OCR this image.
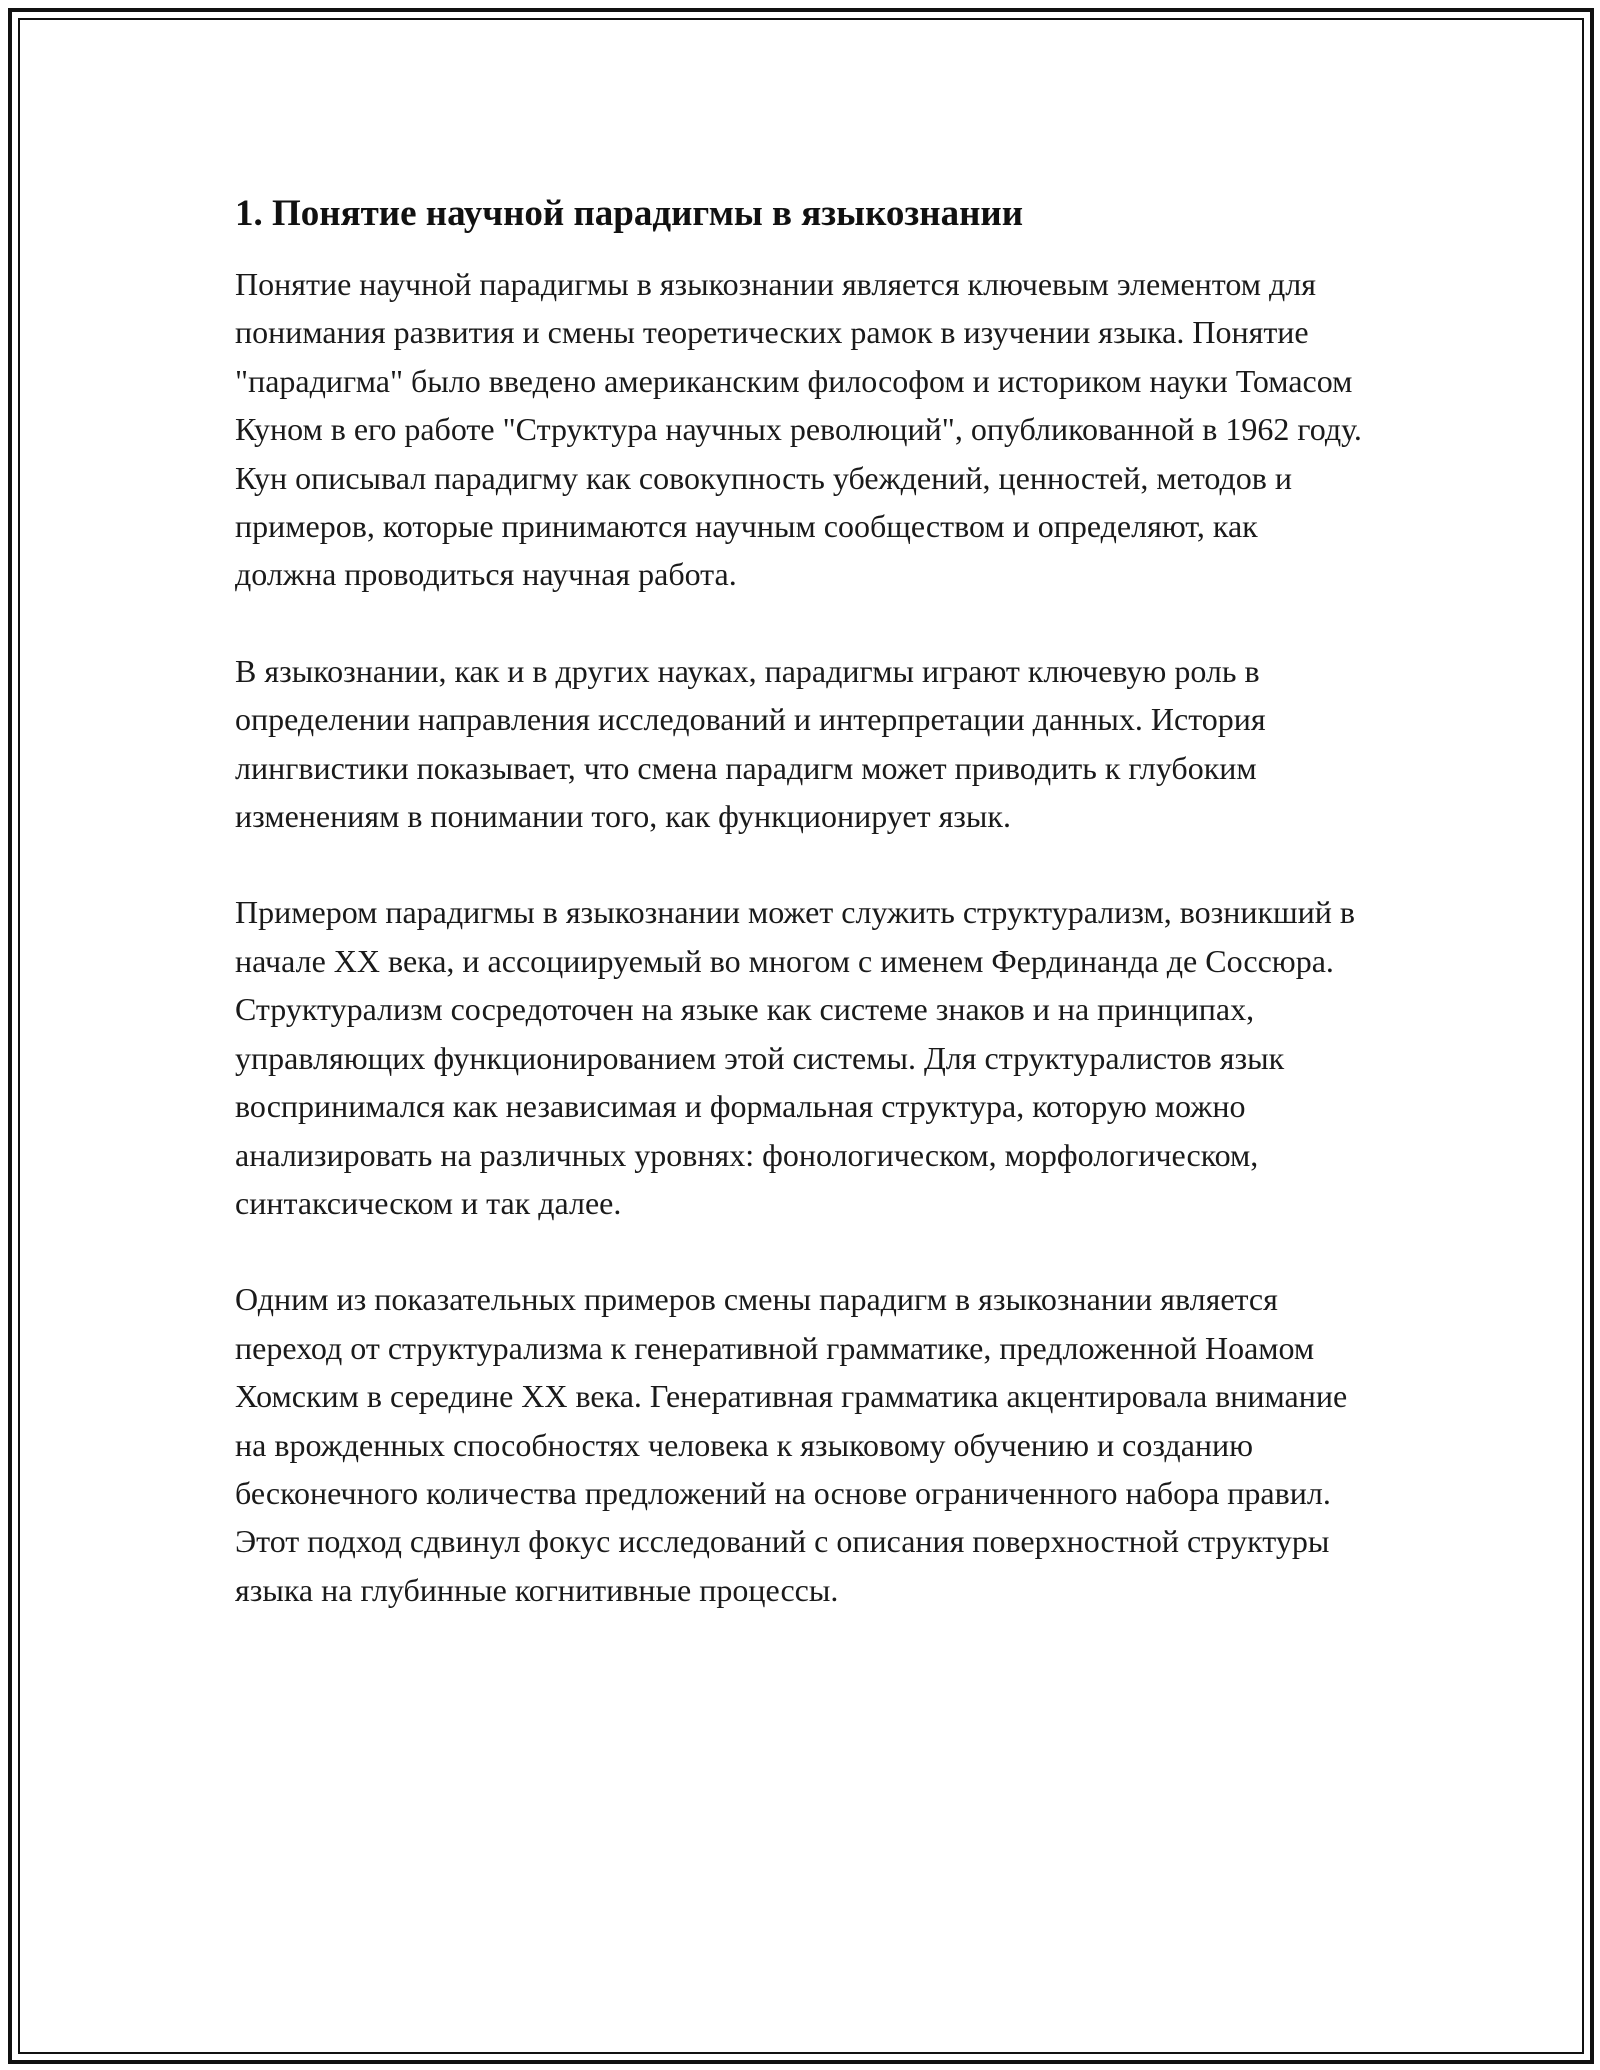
1. Понятие научной парадигмы в языкознании

Понятие научной парадигмы в языкознании является ключевым элементом для понимания развития и смены теоретических рамок в изучении языка. Понятие "парадигма" было введено американским философом и историком науки Томасом Куном в его работе "Структура научных революций", опубликованной в 1962 году. Кун описывал парадигму как совокупность убеждений, ценностей, методов и примеров, которые принимаются научным сообществом и определяют, как должна проводиться научная работа.

В языкознании, как и в других науках, парадигмы играют ключевую роль в определении направления исследований и интерпретации данных. История лингвистики показывает, что смена парадигм может приводить к глубоким изменениям в понимании того, как функционирует язык.

Примером парадигмы в языкознании может служить структурализм, возникший в начале XX века, и ассоциируемый во многом с именем Фердинанда де Соссюра. Структурализм сосредоточен на языке как системе знаков и на принципах, управляющих функционированием этой системы. Для структуралистов язык воспринимался как независимая и формальная структура, которую можно анализировать на различных уровнях: фонологическом, морфологическом, синтаксическом и так далее.

Одним из показательных примеров смены парадигм в языкознании является переход от структурализма к генеративной грамматике, предложенной Ноамом Хомским в середине XX века. Генеративная грамматика акцентировала внимание на врожденных способностях человека к языковому обучению и созданию бесконечного количества предложений на основе ограниченного набора правил. Этот подход сдвинул фокус исследований с описания поверхностной структуры языка на глубинные когнитивные процессы.
